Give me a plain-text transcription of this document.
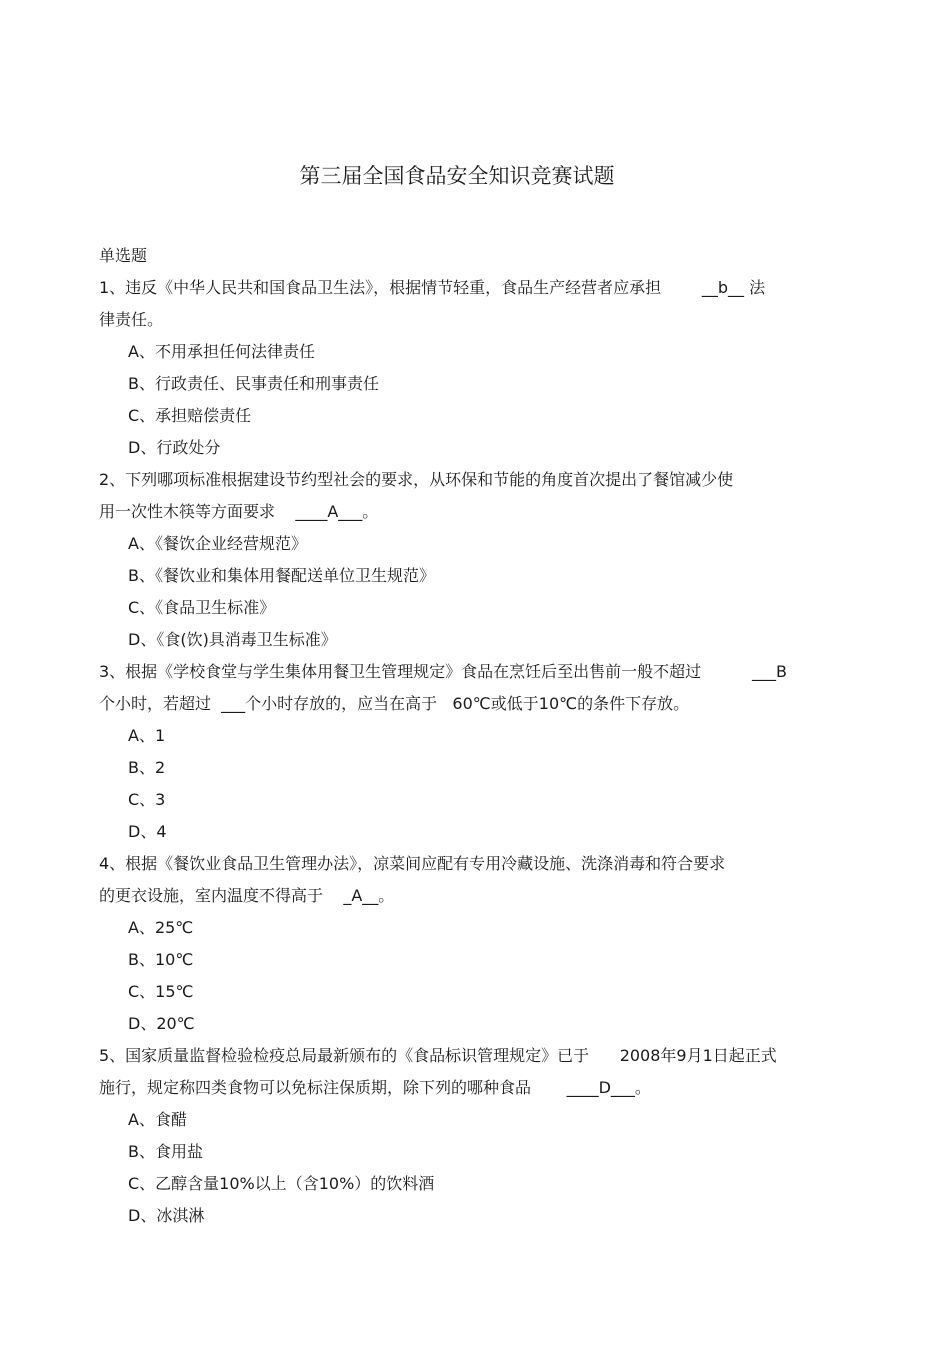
第三届全国食品安全知识竞赛试题
单选题
1、违反《中华人民共和国食品卫生法》，根据情节轻重，食品生产经营者应承担        __b__ 法
律责任。
A、不用承担任何法律责任
B、行政责任、民事责任和刑事责任
C、承担赔偿责任
D、行政处分
2、下列哪项标准根据建设节约型社会的要求，从环保和节能的角度首次提出了餐馆减少使
用一次性木筷等方面要求    ____A___。
A、《餐饮企业经营规范》
B、《餐饮业和集体用餐配送单位卫生规范》
C、《食品卫生标准》
D、《食(饮)具消毒卫生标准》
3、根据《学校食堂与学生集体用餐卫生管理规定》食品在烹饪后至出售前一般不超过          ___B
个小时，若超过  ___个小时存放的，应当在高于   60℃或低于10℃的条件下存放。
A、1
B、2
C、3
D、4
4、根据《餐饮业食品卫生管理办法》，凉菜间应配有专用冷藏设施、洗涤消毒和符合要求
的更衣设施，室内温度不得高于    _A__。
A、25℃
B、10℃
C、15℃
D、20℃
5、国家质量监督检验检疫总局最新颁布的《食品标识管理规定》已于      2008年9月1日起正式
施行，规定称四类食物可以免标注保质期，除下列的哪种食品       ____D___。
A、食醋
B、食用盐
C、乙醇含量10%以上（含10%）的饮料酒
D、冰淇淋
